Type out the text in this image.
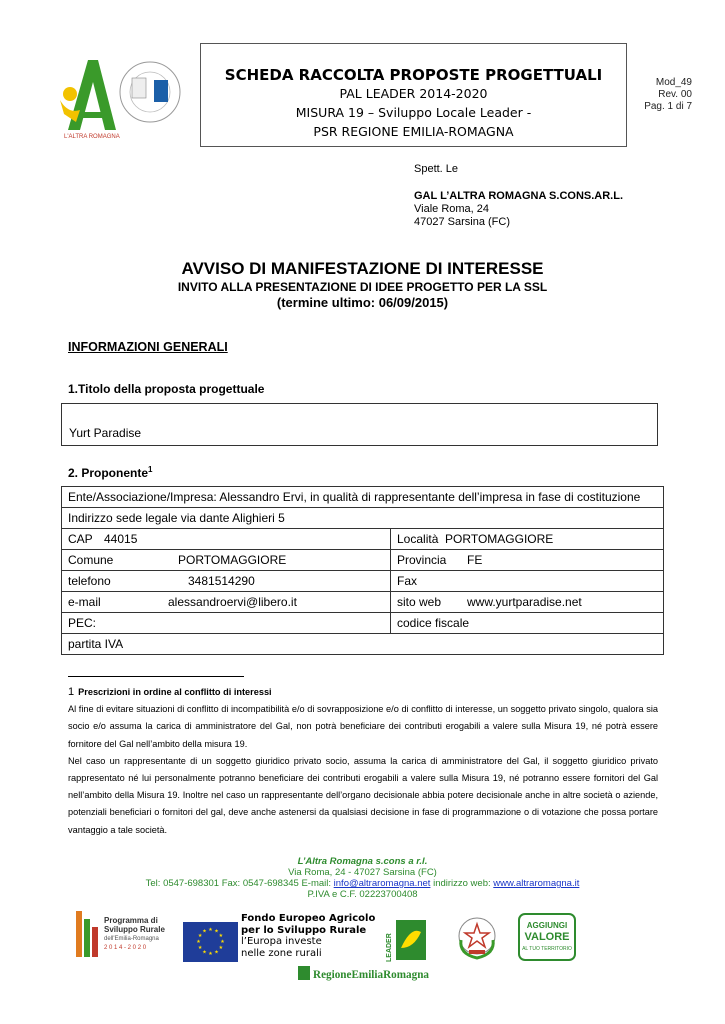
L'ALTRA ROMAGNA
SCHEDA RACCOLTA PROPOSTE PROGETTUALI
PAL LEADER 2014-2020
MISURA 19 – Sviluppo Locale Leader -
PSR REGIONE EMILIA-ROMAGNA
Mod_49
Rev. 00
Pag. 1 di 7
Spett. Le
GAL L’ALTRA ROMAGNA S.CONS.AR.L.
Viale Roma, 24
47027 Sarsina (FC)
AVVISO DI MANIFESTAZIONE DI INTERESSE
INVITO ALLA PRESENTAZIONE DI IDEE PROGETTO PER LA SSL
(termine ultimo: 06/09/2015)
INFORMAZIONI GENERALI
1.Titolo della proposta progettuale
Yurt Paradise
2. Proponente$^1$
Ente/Associazione/Impresa: Alessandro Ervi, in qualità di rappresentante dell’impresa in fase di costituzione	
Indirizzo sede legale via dante Alighieri 5	
CAP 44015	Località PORTOMAGGIORE
Comune PORTOMAGGIORE	Provincia FE
telefono 3481514290	Fax
e-mail alessandroervi@libero.it	sito web www.yurtparadise.net
PEC:	codice fiscale
partita IVA	
1 Prescrizioni in ordine al conflitto di interessi
Al fine di evitare situazioni di conflitto di incompatibilità e/o di sovrapposizione e/o di conflitto di interesse, un soggetto privato singolo, qualora sia socio e/o assuma la carica di amministratore del Gal, non potrà beneficiare dei contributi erogabili a valere sulla Misura 19, né potrà essere fornitore del Gal nell’ambito della misura 19.
Nel caso un rappresentante di un soggetto giuridico privato socio, assuma la carica di amministratore del Gal, il soggetto giuridico privato rappresentato né lui personalmente potranno beneficiare dei contributi erogabili a valere sulla Misura 19, né potranno essere fornitori del Gal nell’ambito della Misura 19. Inoltre nel caso un rappresentante dell’organo decisionale abbia potere decisionale anche in altre società o aziende, potenziali beneficiari o fornitori del gal, deve anche astenersi da qualsiasi decisione in fase di programmazione o di votazione che possa portare vantaggio a tale società.
L’Altra Romagna s.cons a r.l.
Via Roma, 24 - 47027 Sarsina (FC)
Tel: 0547-698301 Fax: 0547-698345 E-mail: info@altraromagna.net indirizzo web: www.altraromagna.it
P.IVA e C.F. 02223700408
Programma di
Sviluppo Rurale
dell'Emilia-Romagna
2 0 1 4 - 2 0 2 0
★ ★
★
★
★
★
★
★
★
★
★
★
Fondo Europeo Agricolo
per lo Sviluppo Rurale
l’Europa investe
nelle zone rurali	LEADER
RegioneEmiliaRomagna
AGGIUNGI
VALORE
AL TUO TERRITORIO
